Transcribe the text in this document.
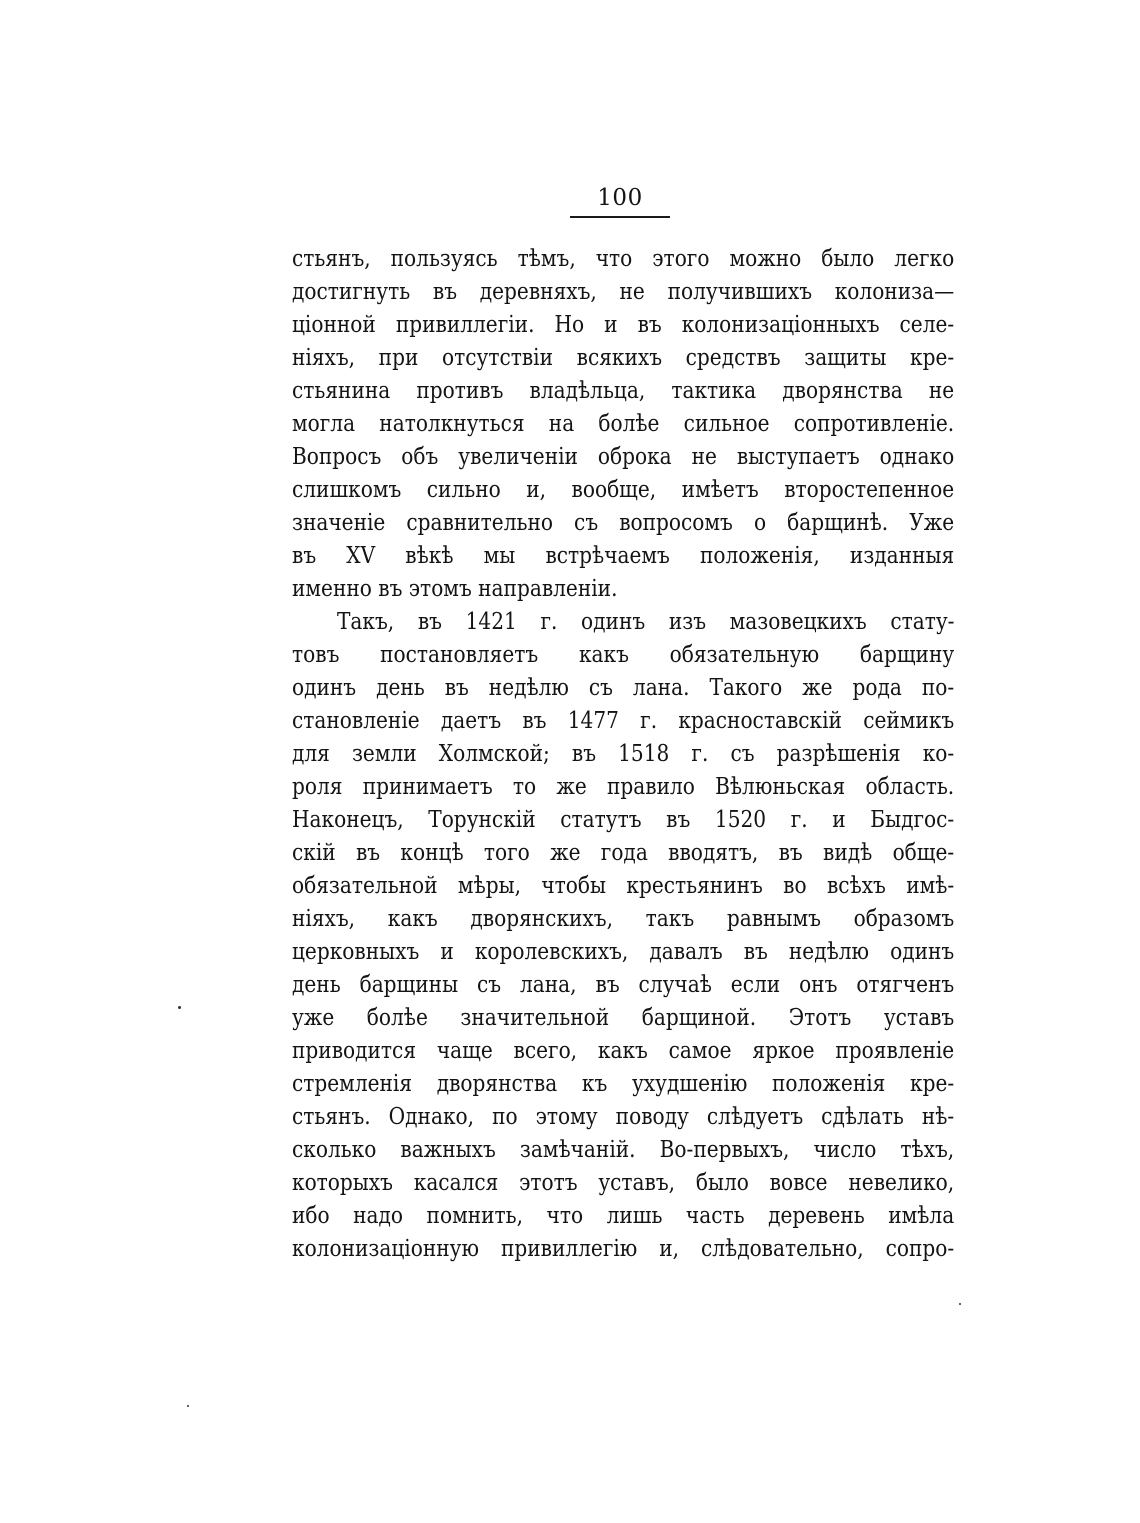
100
стьянъ, пользуясь тѣмъ, что этого можно было легко
достигнуть въ деревняхъ, не получившихъ колониза—
ціонной привиллегіи. Но и въ колонизаціонныхъ селе-
ніяхъ, при отсутствіи всякихъ средствъ защиты кре-
стьянина противъ владѣльца, тактика дворянства не
могла натолкнуться на болѣе сильное сопротивленіе.
Вопросъ объ увеличеніи оброка не выступаетъ однако
слишкомъ сильно и, вообще, имѣетъ второстепенное
значеніе сравнительно съ вопросомъ о барщинѣ. Уже
въ XV вѣкѣ мы встрѣчаемъ положенія, изданныя
именно въ этомъ направленіи.
Такъ, въ 1421 г. одинъ изъ мазовецкихъ стату-
товъ постановляетъ какъ обязательную барщину
одинъ день въ недѣлю съ лана. Такого же рода по-
становленіе даетъ въ 1477 г. красноставскій сеймикъ
для земли Холмской; въ 1518 г. съ разрѣшенія ко-
роля принимаетъ то же правило Вѣлюньская область.
Наконецъ, Торунскій статутъ въ 1520 г. и Быдгос-
скій въ концѣ того же года вводятъ, въ видѣ обще-
обязательной мѣры, чтобы крестьянинъ во всѣхъ имѣ-
ніяхъ, какъ дворянскихъ, такъ равнымъ образомъ
церковныхъ и королевскихъ, давалъ въ недѣлю одинъ
день барщины съ лана, въ случаѣ если онъ отягченъ
уже болѣе значительной барщиной. Этотъ уставъ
приводится чаще всего, какъ самое яркое проявленіе
стремленія дворянства къ ухудшенію положенія кре-
стьянъ. Однако, по этому поводу слѣдуетъ сдѣлать нѣ-
сколько важныхъ замѣчаній. Во-первыхъ, число тѣхъ,
которыхъ касался этотъ уставъ, было вовсе невелико,
ибо надо помнить, что лишь часть деревень имѣла
колонизаціонную привиллегію и, слѣдовательно, сопро-
